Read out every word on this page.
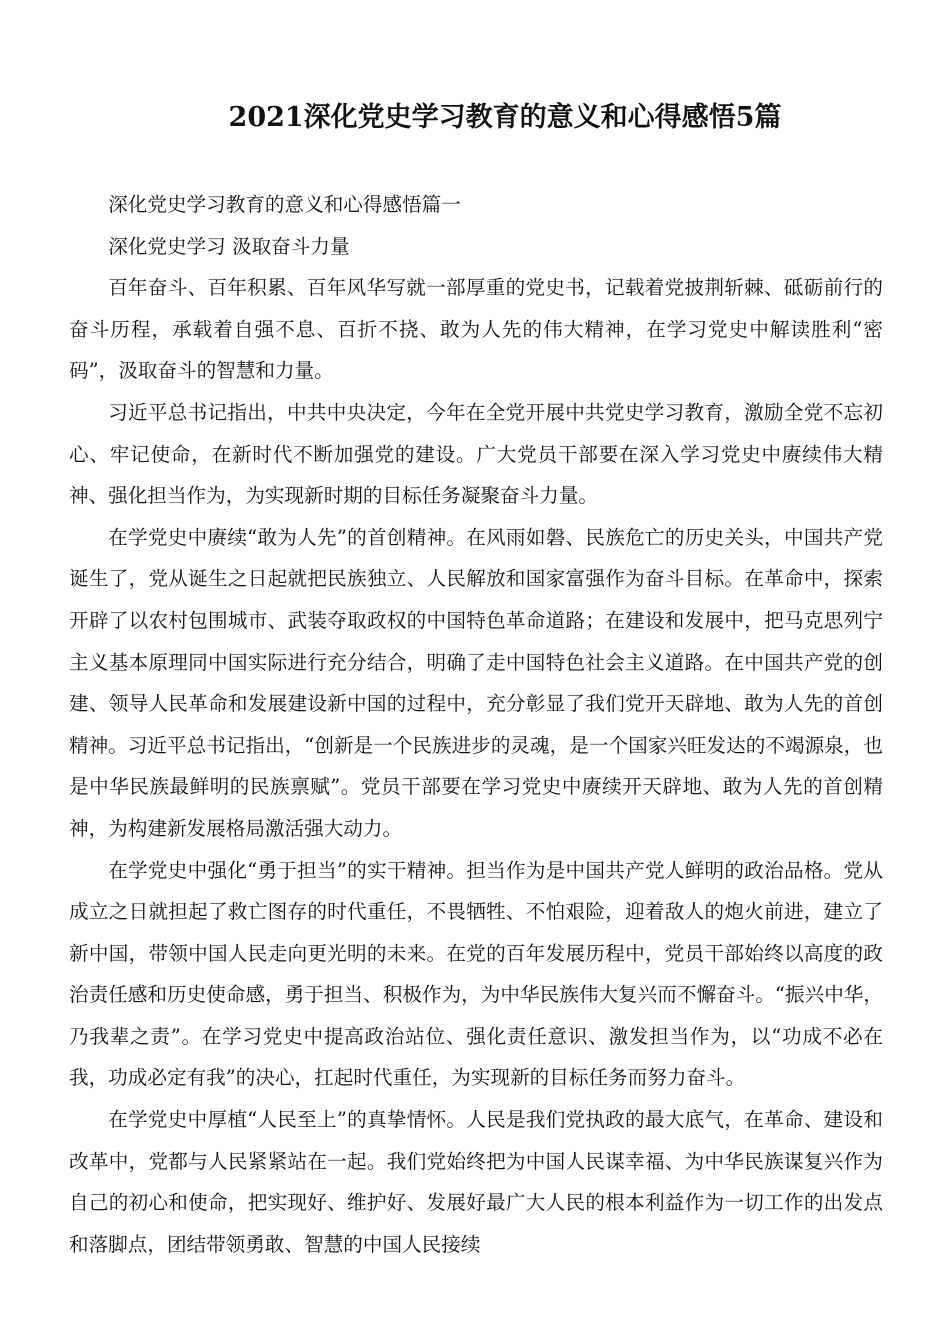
2021深化党史学习教育的意义和心得感悟5篇

深化党史学习教育的意义和心得感悟篇一

深化党史学习 汲取奋斗力量

百年奋斗、百年积累、百年风华写就一部厚重的党史书，记载着党披荆斩棘、砥砺前行的奋斗历程，承载着自强不息、百折不挠、敢为人先的伟大精神，在学习党史中解读胜利“密码”，汲取奋斗的智慧和力量。

习近平总书记指出，中共中央决定，今年在全党开展中共党史学习教育，激励全党不忘初心、牢记使命，在新时代不断加强党的建设。广大党员干部要在深入学习党史中赓续伟大精神、强化担当作为，为实现新时期的目标任务凝聚奋斗力量。

在学党史中赓续“敢为人先”的首创精神。在风雨如磐、民族危亡的历史关头，中国共产党诞生了，党从诞生之日起就把民族独立、人民解放和国家富强作为奋斗目标。在革命中，探索开辟了以农村包围城市、武装夺取政权的中国特色革命道路；在建设和发展中，把马克思列宁主义基本原理同中国实际进行充分结合，明确了走中国特色社会主义道路。在中国共产党的创建、领导人民革命和发展建设新中国的过程中，充分彰显了我们党开天辟地、敢为人先的首创精神。习近平总书记指出，“创新是一个民族进步的灵魂，是一个国家兴旺发达的不竭源泉，也是中华民族最鲜明的民族禀赋”。党员干部要在学习党史中赓续开天辟地、敢为人先的首创精神，为构建新发展格局激活强大动力。

在学党史中强化“勇于担当”的实干精神。担当作为是中国共产党人鲜明的政治品格。党从成立之日就担起了救亡图存的时代重任，不畏牺牲、不怕艰险，迎着敌人的炮火前进，建立了新中国，带领中国人民走向更光明的未来。在党的百年发展历程中，党员干部始终以高度的政治责任感和历史使命感，勇于担当、积极作为，为中华民族伟大复兴而不懈奋斗。“振兴中华，乃我辈之责”。在学习党史中提高政治站位、强化责任意识、激发担当作为，以“功成不必在我，功成必定有我”的决心，扛起时代重任，为实现新的目标任务而努力奋斗。

在学党史中厚植“人民至上”的真挚情怀。人民是我们党执政的最大底气，在革命、建设和改革中，党都与人民紧紧站在一起。我们党始终把为中国人民谋幸福、为中华民族谋复兴作为自己的初心和使命，把实现好、维护好、发展好最广大人民的根本利益作为一切工作的出发点和落脚点，团结带领勇敢、智慧的中国人民接续
